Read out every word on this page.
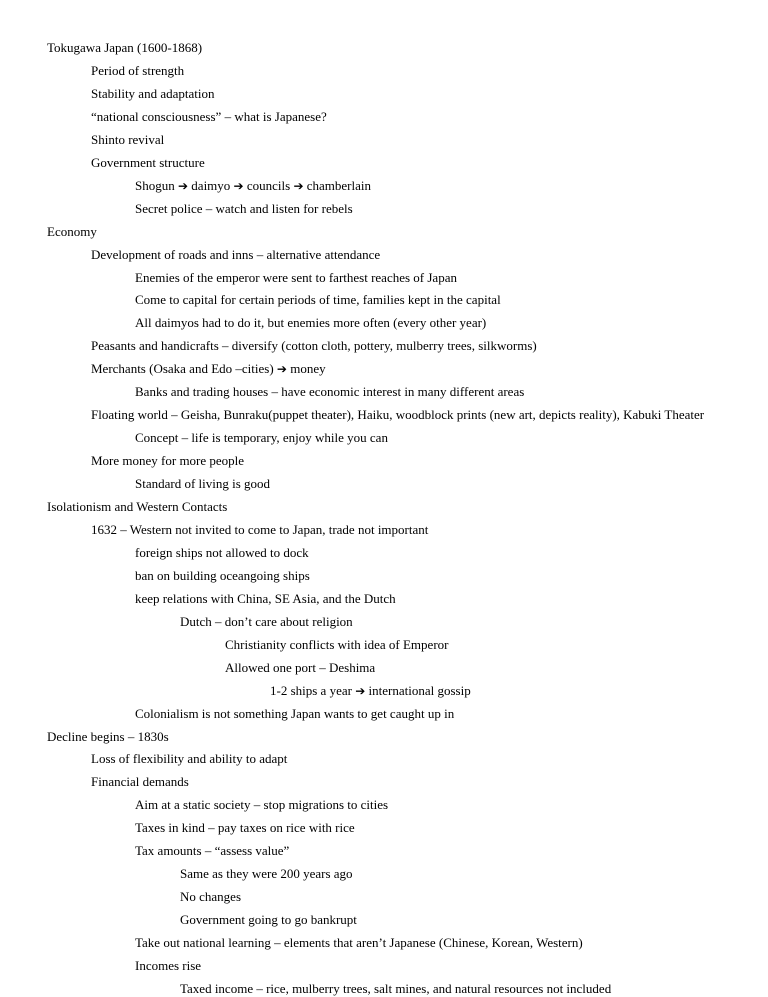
Tokugawa Japan (1600-1868)
Period of strength
Stability and adaptation
“national consciousness” – what is Japanese?
Shinto revival
Government structure
Shogun ➔ daimyo ➔ councils ➔ chamberlain
Secret police – watch and listen for rebels
Economy
Development of roads and inns – alternative attendance
Enemies of the emperor were sent to farthest reaches of Japan
Come to capital for certain periods of time, families kept in the capital
All daimyos had to do it, but enemies more often (every other year)
Peasants and handicrafts – diversify (cotton cloth, pottery, mulberry trees, silkworms)
Merchants (Osaka and Edo –cities) ➔ money
Banks and trading houses – have economic interest in many different areas
Floating world – Geisha, Bunraku(puppet theater), Haiku, woodblock prints (new art, depicts reality), Kabuki Theater
Concept – life is temporary, enjoy while you can
More money for more people
Standard of living is good
Isolationism and Western Contacts
1632 – Western not invited to come to Japan, trade not important
foreign ships not allowed to dock
ban on building oceangoing ships
keep relations with China, SE Asia, and the Dutch
Dutch – don’t care about religion
Christianity conflicts with idea of Emperor
Allowed one port – Deshima
1-2 ships a year ➔ international gossip
Colonialism is not something Japan wants to get caught up in
Decline begins – 1830s
Loss of flexibility and ability to adapt
Financial demands
Aim at a static society – stop migrations to cities
Taxes in kind – pay taxes on rice with rice
Tax amounts – “assess value”
Same as they were 200 years ago
No changes
Government going to go bankrupt
Take out national learning – elements that aren’t Japanese (Chinese, Korean, Western)
Incomes rise
Taxed income – rice, mulberry trees, salt mines, and natural resources not included
